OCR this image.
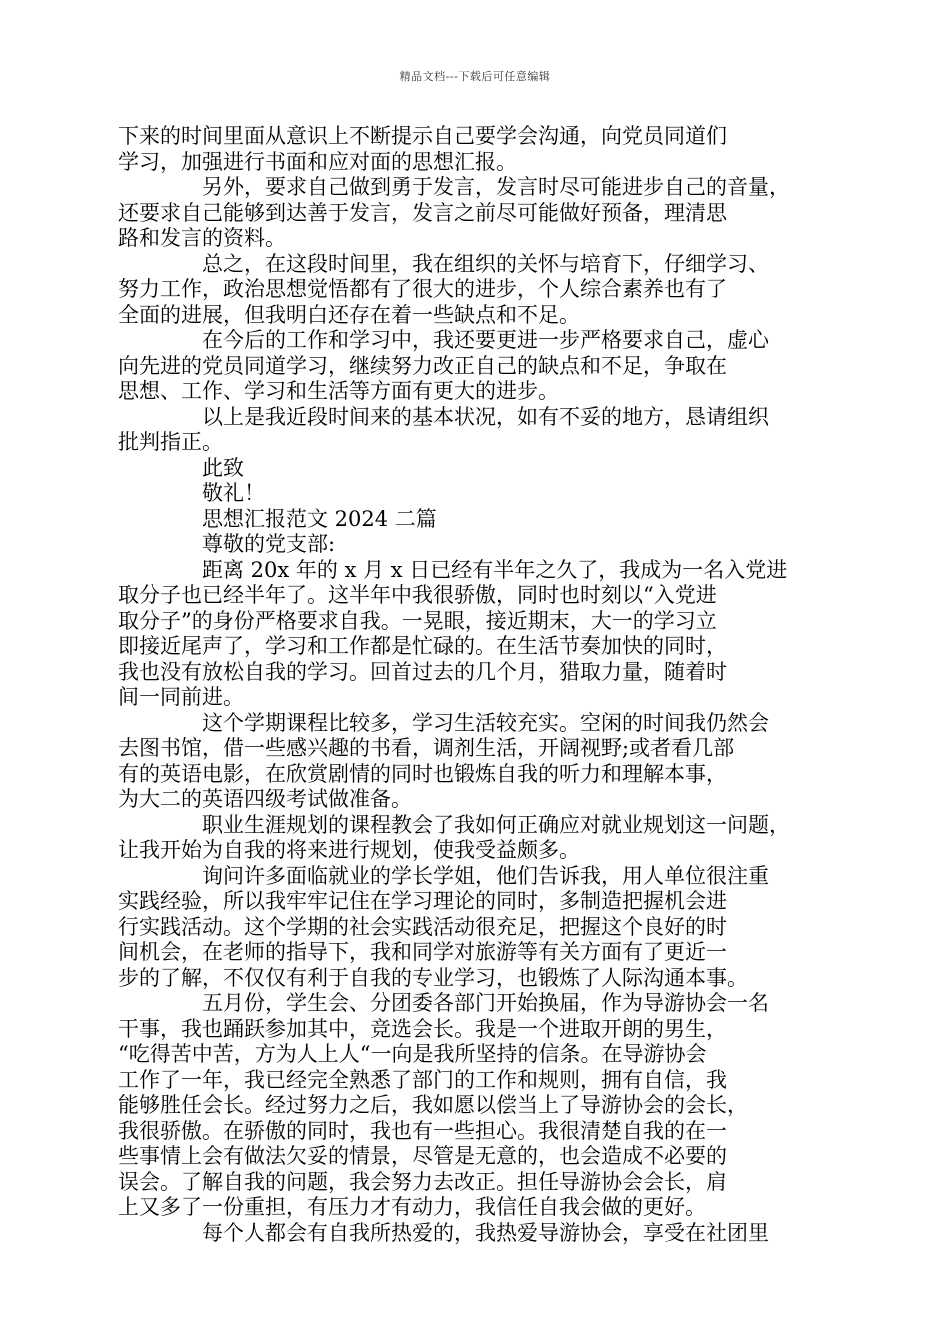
精品文档---下载后可任意编辑
下来的时间里面从意识上不断提示自己要学会沟通，向党员同道们
学习，加强进行书面和应对面的思想汇报。
另外，要求自己做到勇于发言，发言时尽可能进步自己的音量，
还要求自己能够到达善于发言，发言之前尽可能做好预备，理清思
路和发言的资料。
总之，在这段时间里，我在组织的关怀与培育下，仔细学习、
努力工作，政治思想觉悟都有了很大的进步，个人综合素养也有了
全面的进展，但我明白还存在着一些缺点和不足。
在今后的工作和学习中，我还要更进一步严格要求自己，虚心
向先进的党员同道学习，继续努力改正自己的缺点和不足，争取在
思想、工作、学习和生活等方面有更大的进步。
以上是我近段时间来的基本状况，如有不妥的地方，恳请组织
批判指正。
此致
敬礼！
思想汇报范文 2024 二篇
尊敬的党支部:
距离 20x 年的 x 月 x 日已经有半年之久了，我成为一名入党进
取分子也已经半年了。这半年中我很骄傲，同时也时刻以“入党进
取分子”的身份严格要求自我。一晃眼，接近期末，大一的学习立
即接近尾声了，学习和工作都是忙碌的。在生活节奏加快的同时，
我也没有放松自我的学习。回首过去的几个月，猎取力量，随着时
间一同前进。
这个学期课程比较多，学习生活较充实。空闲的时间我仍然会
去图书馆，借一些感兴趣的书看，调剂生活，开阔视野;或者看几部
有的英语电影，在欣赏剧情的同时也锻炼自我的听力和理解本事，
为大二的英语四级考试做准备。
职业生涯规划的课程教会了我如何正确应对就业规划这一问题，
让我开始为自我的将来进行规划，使我受益颇多。
询问许多面临就业的学长学姐，他们告诉我，用人单位很注重
实践经验，所以我牢牢记住在学习理论的同时，多制造把握机会进
行实践活动。这个学期的社会实践活动很充足，把握这个良好的时
间机会，在老师的指导下，我和同学对旅游等有关方面有了更近一
步的了解，不仅仅有利于自我的专业学习，也锻炼了人际沟通本事。
五月份，学生会、分团委各部门开始换届，作为导游协会一名
干事，我也踊跃参加其中，竞选会长。我是一个进取开朗的男生，
“吃得苦中苦，方为人上人“一向是我所坚持的信条。在导游协会
工作了一年，我已经完全熟悉了部门的工作和规则，拥有自信，我
能够胜任会长。经过努力之后，我如愿以偿当上了导游协会的会长，
我很骄傲。在骄傲的同时，我也有一些担心。我很清楚自我的在一
些事情上会有做法欠妥的情景，尽管是无意的，也会造成不必要的
误会。了解自我的问题，我会努力去改正。担任导游协会会长，肩
上又多了一份重担，有压力才有动力，我信任自我会做的更好。
每个人都会有自我所热爱的，我热爱导游协会，享受在社团里
